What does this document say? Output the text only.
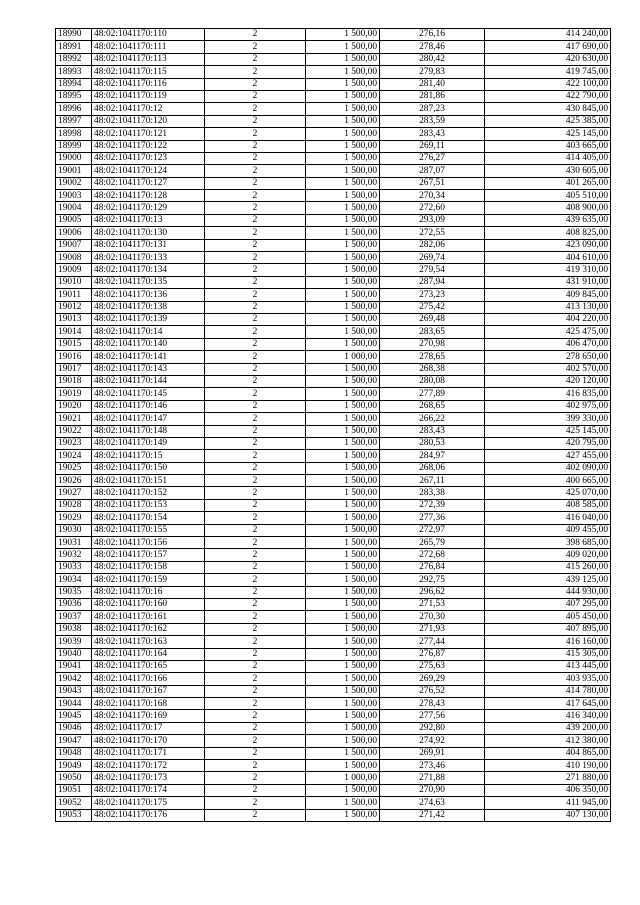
18990	48:02:1041170:110	2	1 500,00	276,16	414 240,00
18991	48:02:1041170:111	2	1 500,00	278,46	417 690,00
18992	48:02:1041170:113	2	1 500,00	280,42	420 630,00
18993	48:02:1041170:115	2	1 500,00	279,83	419 745,00
18994	48:02:1041170:116	2	1 500,00	281,40	422 100,00
18995	48:02:1041170:119	2	1 500,00	281,86	422 790,00
18996	48:02:1041170:12	2	1 500,00	287,23	430 845,00
18997	48:02:1041170:120	2	1 500,00	283,59	425 385,00
18998	48:02:1041170:121	2	1 500,00	283,43	425 145,00
18999	48:02:1041170:122	2	1 500,00	269,11	403 665,00
19000	48:02:1041170:123	2	1 500,00	276,27	414 405,00
19001	48:02:1041170:124	2	1 500,00	287,07	430 605,00
19002	48:02:1041170:127	2	1 500,00	267,51	401 265,00
19003	48:02:1041170:128	2	1 500,00	270,34	405 510,00
19004	48:02:1041170:129	2	1 500,00	272,60	408 900,00
19005	48:02:1041170:13	2	1 500,00	293,09	439 635,00
19006	48:02:1041170:130	2	1 500,00	272,55	408 825,00
19007	48:02:1041170:131	2	1 500,00	282,06	423 090,00
19008	48:02:1041170:133	2	1 500,00	269,74	404 610,00
19009	48:02:1041170:134	2	1 500,00	279,54	419 310,00
19010	48:02:1041170:135	2	1 500,00	287,94	431 910,00
19011	48:02:1041170:136	2	1 500,00	273,23	409 845,00
19012	48:02:1041170:138	2	1 500,00	275,42	413 130,00
19013	48:02:1041170:139	2	1 500,00	269,48	404 220,00
19014	48:02:1041170:14	2	1 500,00	283,65	425 475,00
19015	48:02:1041170:140	2	1 500,00	270,98	406 470,00
19016	48:02:1041170:141	2	1 000,00	278,65	278 650,00
19017	48:02:1041170:143	2	1 500,00	268,38	402 570,00
19018	48:02:1041170:144	2	1 500,00	280,08	420 120,00
19019	48:02:1041170:145	2	1 500,00	277,89	416 835,00
19020	48:02:1041170:146	2	1 500,00	268,65	402 975,00
19021	48:02:1041170:147	2	1 500,00	266,22	399 330,00
19022	48:02:1041170:148	2	1 500,00	283,43	425 145,00
19023	48:02:1041170:149	2	1 500,00	280,53	420 795,00
19024	48:02:1041170:15	2	1 500,00	284,97	427 455,00
19025	48:02:1041170:150	2	1 500,00	268,06	402 090,00
19026	48:02:1041170:151	2	1 500,00	267,11	400 665,00
19027	48:02:1041170:152	2	1 500,00	283,38	425 070,00
19028	48:02:1041170:153	2	1 500,00	272,39	408 585,00
19029	48:02:1041170:154	2	1 500,00	277,36	416 040,00
19030	48:02:1041170:155	2	1 500,00	272,97	409 455,00
19031	48:02:1041170:156	2	1 500,00	265,79	398 685,00
19032	48:02:1041170:157	2	1 500,00	272,68	409 020,00
19033	48:02:1041170:158	2	1 500,00	276,84	415 260,00
19034	48:02:1041170:159	2	1 500,00	292,75	439 125,00
19035	48:02:1041170:16	2	1 500,00	296,62	444 930,00
19036	48:02:1041170:160	2	1 500,00	271,53	407 295,00
19037	48:02:1041170:161	2	1 500,00	270,30	405 450,00
19038	48:02:1041170:162	2	1 500,00	271,93	407 895,00
19039	48:02:1041170:163	2	1 500,00	277,44	416 160,00
19040	48:02:1041170:164	2	1 500,00	276,87	415 305,00
19041	48:02:1041170:165	2	1 500,00	275,63	413 445,00
19042	48:02:1041170:166	2	1 500,00	269,29	403 935,00
19043	48:02:1041170:167	2	1 500,00	276,52	414 780,00
19044	48:02:1041170:168	2	1 500,00	278,43	417 645,00
19045	48:02:1041170:169	2	1 500,00	277,56	416 340,00
19046	48:02:1041170:17	2	1 500,00	292,80	439 200,00
19047	48:02:1041170:170	2	1 500,00	274,92	412 380,00
19048	48:02:1041170:171	2	1 500,00	269,91	404 865,00
19049	48:02:1041170:172	2	1 500,00	273,46	410 190,00
19050	48:02:1041170:173	2	1 000,00	271,88	271 880,00
19051	48:02:1041170:174	2	1 500,00	270,90	406 350,00
19052	48:02:1041170:175	2	1 500,00	274,63	411 945,00
19053	48:02:1041170:176	2	1 500,00	271,42	407 130,00
